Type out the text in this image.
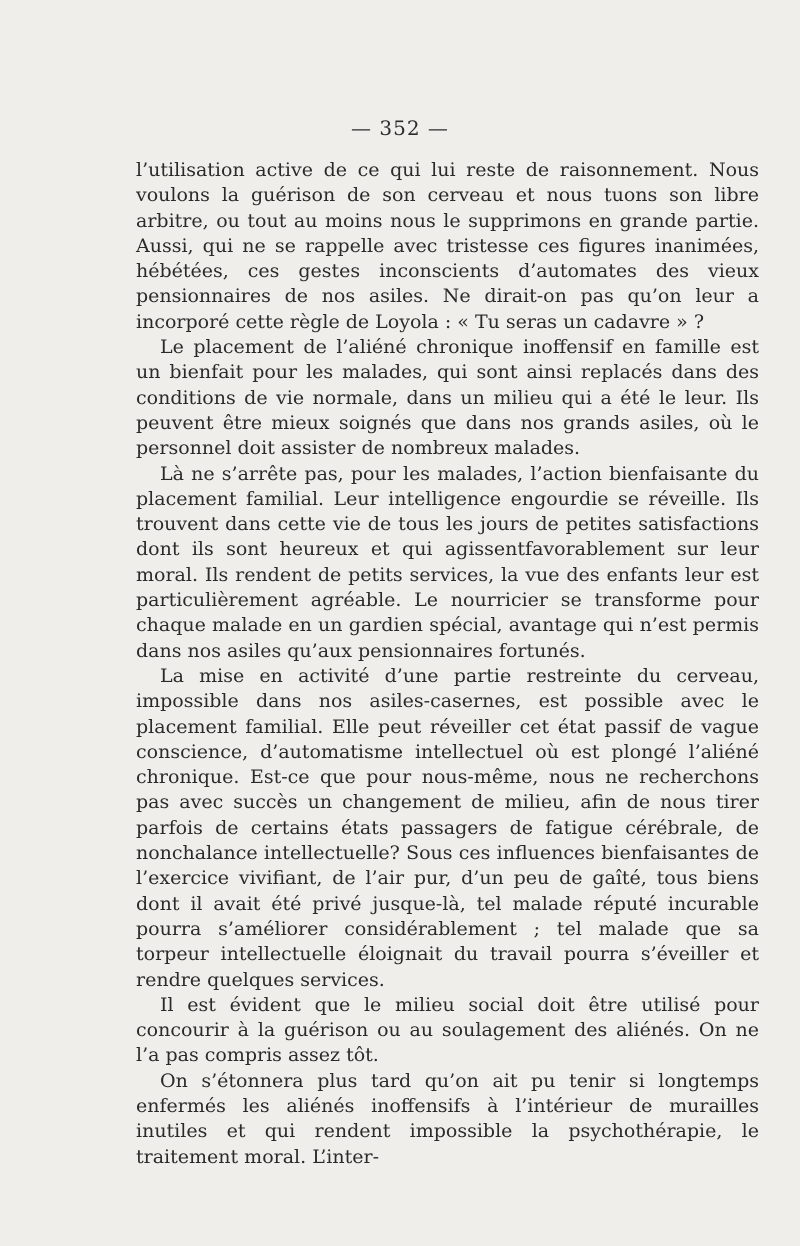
— 352 —

l’utilisation active de ce qui lui reste de raisonnement. Nous voulons la guérison de son cerveau et nous tuons son libre arbitre, ou tout au moins nous le supprimons en grande partie. Aussi, qui ne se rappelle avec tristesse ces figures inanimées, hébétées, ces gestes inconscients d’automates des vieux pensionnaires de nos asiles. Ne dirait-on pas qu’on leur a incorporé cette règle de Loyola : « Tu seras un cadavre » ?

Le placement de l’aliéné chronique inoffensif en famille est un bienfait pour les malades, qui sont ainsi replacés dans des conditions de vie normale, dans un milieu qui a été le leur. Ils peuvent être mieux soignés que dans nos grands asiles, où le personnel doit assister de nombreux malades.

Là ne s’arrête pas, pour les malades, l’action bienfaisante du placement familial. Leur intelligence engourdie se réveille. Ils trouvent dans cette vie de tous les jours de petites satisfactions dont ils sont heureux et qui agissentfavorablement sur leur moral. Ils rendent de petits services, la vue des enfants leur est particulièrement agréable. Le nourricier se transforme pour chaque malade en un gardien spécial, avantage qui n’est permis dans nos asiles qu’aux pensionnaires fortunés.

La mise en activité d’une partie restreinte du cerveau, impossible dans nos asiles-casernes, est possible avec le placement familial. Elle peut réveiller cet état passif de vague conscience, d’automatisme intellectuel où est plongé l’aliéné chronique. Est-ce que pour nous-même, nous ne recherchons pas avec succès un changement de milieu, afin de nous tirer parfois de certains états passagers de fatigue cérébrale, de nonchalance intellectuelle? Sous ces influences bienfaisantes de l’exercice vivifiant, de l’air pur, d’un peu de gaîté, tous biens dont il avait été privé jusque-là, tel malade réputé incurable pourra s’améliorer considérablement ; tel malade que sa torpeur intellectuelle éloignait du travail pourra s’éveiller et rendre quelques services.

Il est évident que le milieu social doit être utilisé pour concourir à la guérison ou au soulagement des aliénés. On ne l’a pas compris assez tôt.

On s’étonnera plus tard qu’on ait pu tenir si longtemps enfermés les aliénés inoffensifs à l’intérieur de murailles inutiles et qui rendent impossible la psychothérapie, le traitement moral. L’inter-
